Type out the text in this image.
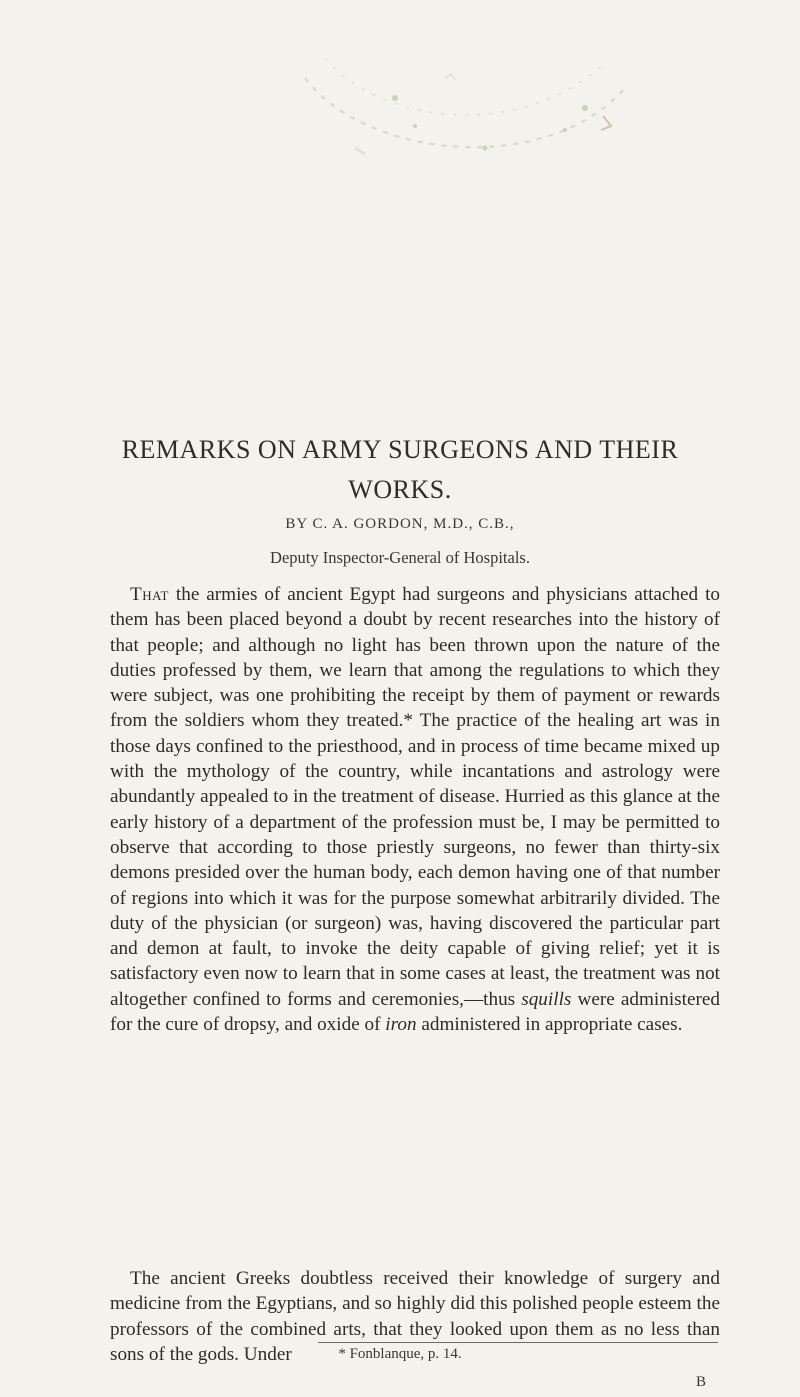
REMARKS ON ARMY SURGEONS AND THEIR
WORKS.
BY C. A. GORDON, M.D., C.B.,
Deputy Inspector-General of Hospitals.
That the armies of ancient Egypt had surgeons and physicians attached to them has been placed beyond a doubt by recent researches into the history of that people; and although no light has been thrown upon the nature of the duties professed by them, we learn that among the regulations to which they were subject, was one prohibiting the receipt by them of payment or rewards from the soldiers whom they treated.* The practice of the healing art was in those days confined to the priesthood, and in process of time became mixed up with the mythology of the country, while incantations and astrology were abundantly appealed to in the treatment of disease. Hurried as this glance at the early history of a department of the profession must be, I may be permitted to observe that according to those priestly surgeons, no fewer than thirty-six demons presided over the human body, each demon having one of that number of regions into which it was for the purpose somewhat arbitrarily divided. The duty of the physician (or surgeon) was, having discovered the particular part and demon at fault, to invoke the deity capable of giving relief; yet it is satisfactory even now to learn that in some cases at least, the treatment was not altogether confined to forms and ceremonies,—thus squills were administered for the cure of dropsy, and oxide of iron administered in appropriate cases.
The ancient Greeks doubtless received their knowledge of surgery and medicine from the Egyptians, and so highly did this polished people esteem the professors of the combined arts, that they looked upon them as no less than sons of the gods. Under	* Fonblanque, p. 14.
B
